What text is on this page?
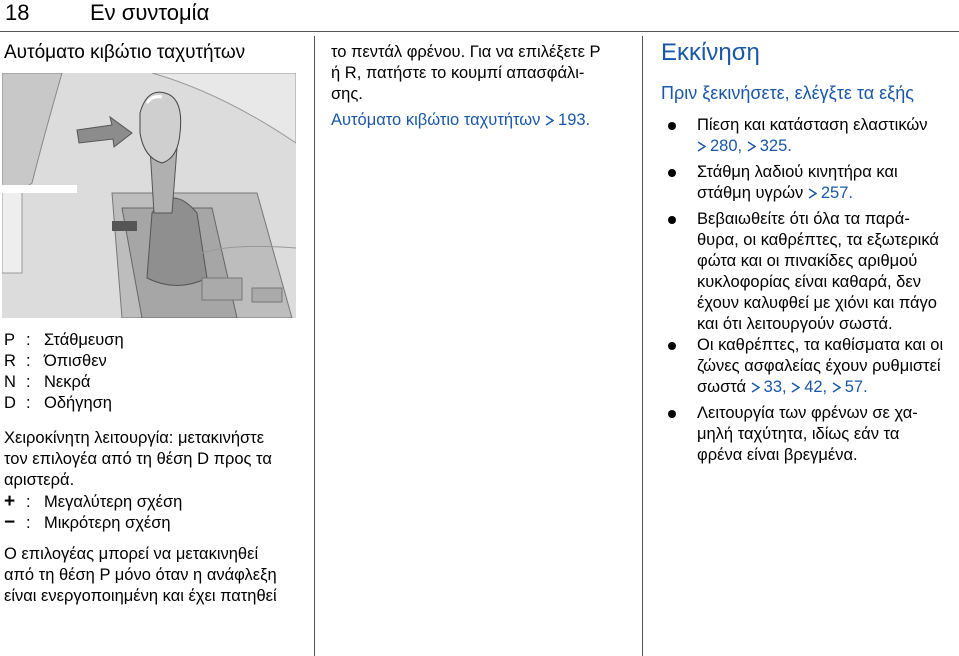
18	Εν συντομία
Αυτόματο κιβώτιο ταχυτήτων
P : Στάθμευση
R : Όπισθεν
N : Νεκρά
D : Οδήγηση
Χειροκίνητη λειτουργία: μετακινήστε
τον επιλογέα από τη θέση D προς τα
αριστερά.
+ : Μεγαλύτερη σχέση
− : Μικρότερη σχέση
Ο επιλογέας μπορεί να μετακινηθεί
από τη θέση P μόνο όταν η ανάφλεξη
είναι ενεργοποιημένη και έχει πατηθεί
το πεντάλ φρένου. Για να επιλέξετε P
ή R, πατήστε το κουμπί απασφάλι-
σης.
Αυτόματο κιβώτιο ταχυτήτων 193.
Εκκίνηση
Πριν ξεκινήσετε, ελέγξτε τα εξής
Πίεση και κατάσταση ελαστικών
280, 325.
Στάθμη λαδιού κινητήρα και
στάθμη υγρών 257.
Βεβαιωθείτε ότι όλα τα παρά-
θυρα, οι καθρέπτες, τα εξωτερικά
φώτα και οι πινακίδες αριθμού
κυκλοφορίας είναι καθαρά, δεν
έχουν καλυφθεί με χιόνι και πάγο
και ότι λειτουργούν σωστά.
Οι καθρέπτες, τα καθίσματα και οι
ζώνες ασφαλείας έχουν ρυθμιστεί
σωστά 33, 42, 57.
Λειτουργία των φρένων σε χα-
μηλή ταχύτητα, ιδίως εάν τα
φρένα είναι βρεγμένα.
